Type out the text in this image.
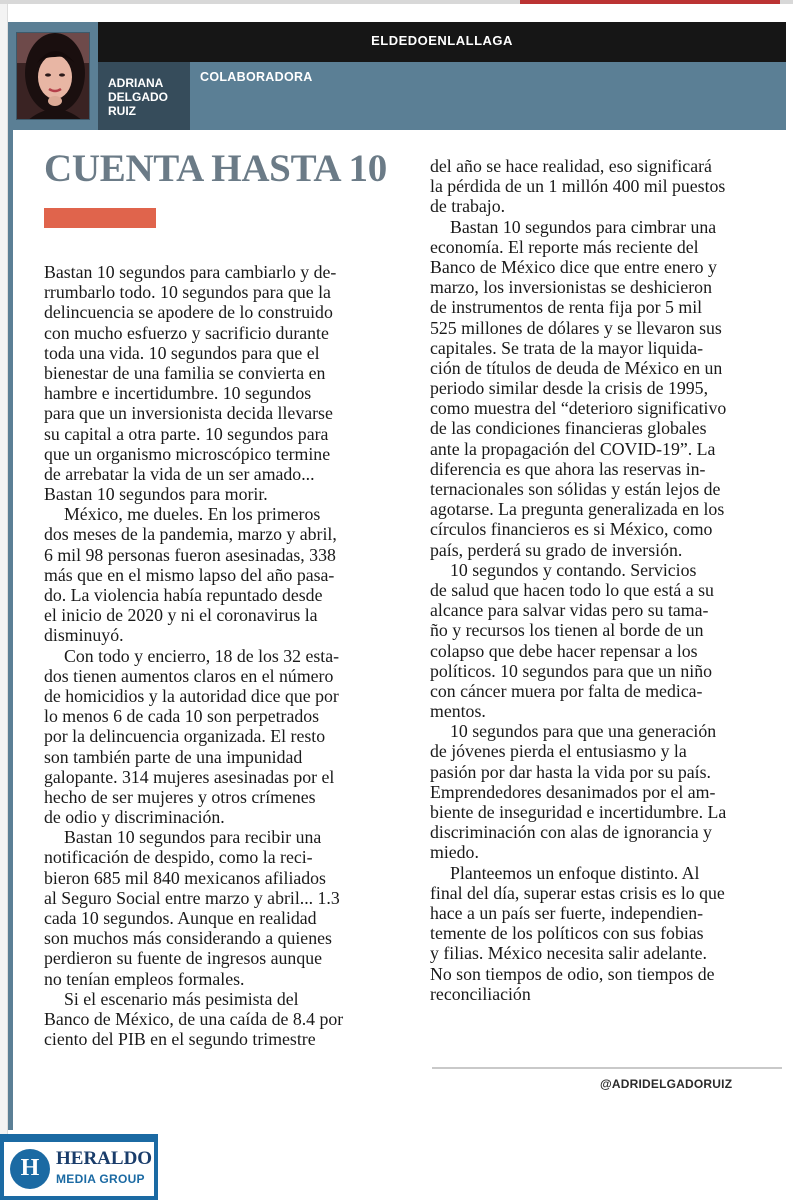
ELDEDOENLALLAGA
ADRIANA
DELGADO
RUIZ
COLABORADORA
CUENTA HASTA 10
Bastan 10 segundos para cambiarlo y de-
rrumbarlo todo. 10 segundos para que la
delincuencia se apodere de lo construido
con mucho esfuerzo y sacrificio durante
toda una vida. 10 segundos para que el
bienestar de una familia se convierta en
hambre e incertidumbre. 10 segundos
para que un inversionista decida llevarse
su capital a otra parte. 10 segundos para
que un organismo microscópico termine
de arrebatar la vida de un ser amado...
Bastan 10 segundos para morir.
México, me dueles. En los primeros
dos meses de la pandemia, marzo y abril,
6 mil 98 personas fueron asesinadas, 338
más que en el mismo lapso del año pasa-
do. La violencia había repuntado desde
el inicio de 2020 y ni el coronavirus la
disminuyó.
Con todo y encierro, 18 de los 32 esta-
dos tienen aumentos claros en el número
de homicidios y la autoridad dice que por
lo menos 6 de cada 10 son perpetrados
por la delincuencia organizada. El resto
son también parte de una impunidad
galopante. 314 mujeres asesinadas por el
hecho de ser mujeres y otros crímenes
de odio y discriminación.
Bastan 10 segundos para recibir una
notificación de despido, como la reci-
bieron 685 mil 840 mexicanos afiliados
al Seguro Social entre marzo y abril... 1.3
cada 10 segundos. Aunque en realidad
son muchos más considerando a quienes
perdieron su fuente de ingresos aunque
no tenían empleos formales.
Si el escenario más pesimista del
Banco de México, de una caída de 8.4 por
ciento del PIB en el segundo trimestre
del año se hace realidad, eso significará
la pérdida de un 1 millón 400 mil puestos
de trabajo.
Bastan 10 segundos para cimbrar una
economía. El reporte más reciente del
Banco de México dice que entre enero y
marzo, los inversionistas se deshicieron
de instrumentos de renta fija por 5 mil
525 millones de dólares y se llevaron sus
capitales. Se trata de la mayor liquida-
ción de títulos de deuda de México en un
periodo similar desde la crisis de 1995,
como muestra del “deterioro significativo
de las condiciones financieras globales
ante la propagación del COVID-19”. La
diferencia es que ahora las reservas in-
ternacionales son sólidas y están lejos de
agotarse. La pregunta generalizada en los
círculos financieros es si México, como
país, perderá su grado de inversión.
10 segundos y contando. Servicios
de salud que hacen todo lo que está a su
alcance para salvar vidas pero su tama-
ño y recursos los tienen al borde de un
colapso que debe hacer repensar a los
políticos. 10 segundos para que un niño
con cáncer muera por falta de medica-
mentos.
10 segundos para que una generación
de jóvenes pierda el entusiasmo y la
pasión por dar hasta la vida por su país.
Emprendedores desanimados por el am-
biente de inseguridad e incertidumbre. La
discriminación con alas de ignorancia y
miedo.
Planteemos un enfoque distinto. Al
final del día, superar estas crisis es lo que
hace a un país ser fuerte, independien-
temente de los políticos con sus fobias
y filias. México necesita salir adelante.
No son tiempos de odio, son tiempos de
reconciliación
@ADRIDELGADORUIZ
H HERALDO
MEDIA GROUP
